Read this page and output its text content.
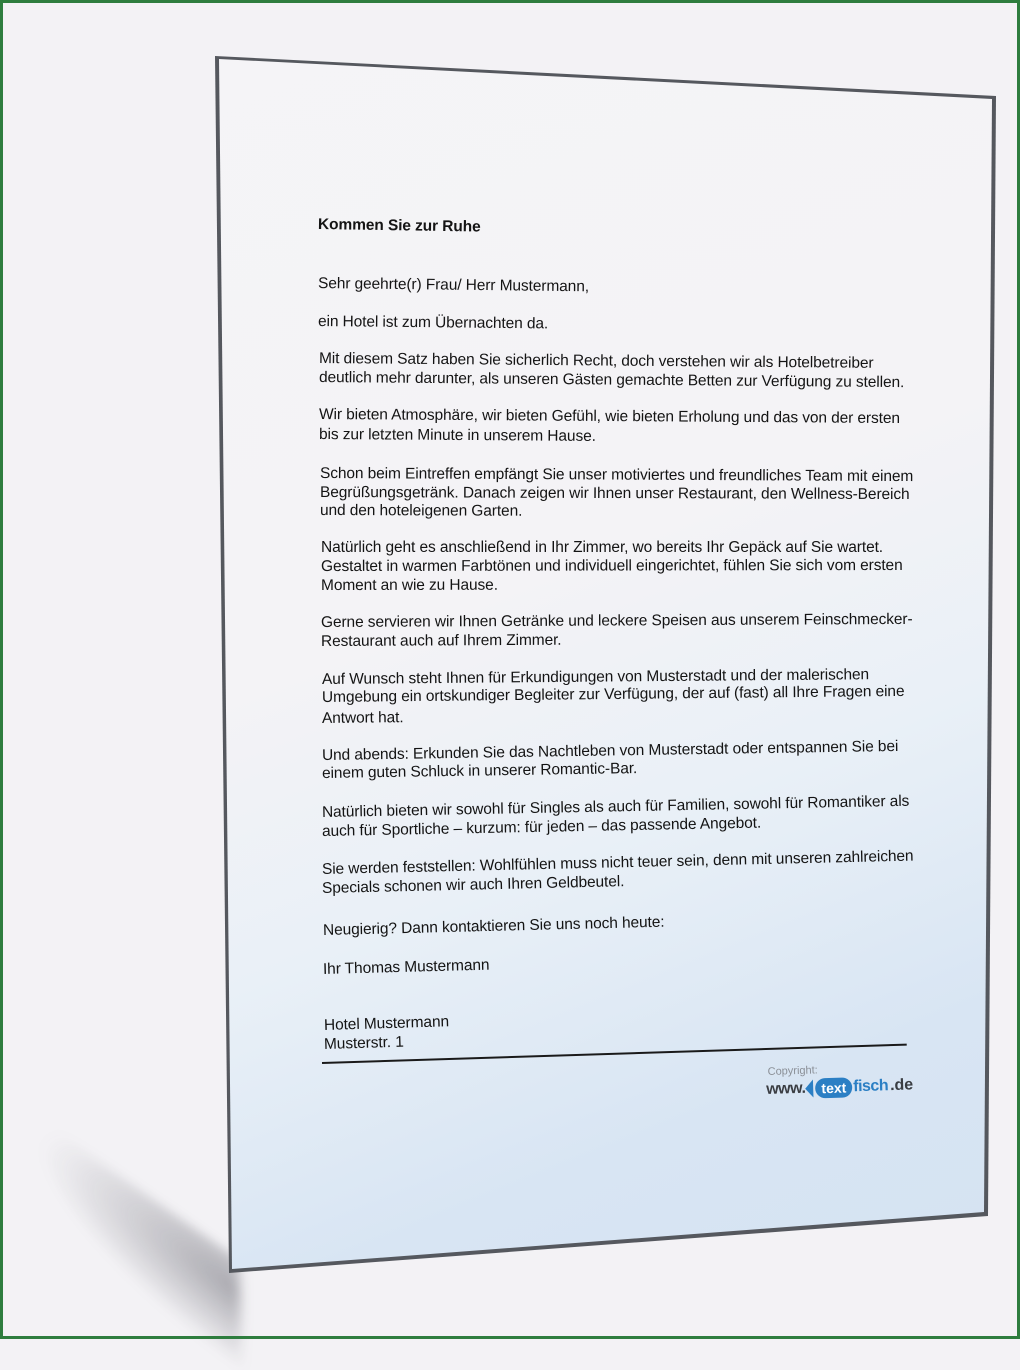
Kommen Sie zur Ruhe
Sehr geehrte(r) Frau/ Herr Mustermann,
ein Hotel ist zum Übernachten da.
Mit diesem Satz haben Sie sicherlich Recht, doch verstehen wir als Hotelbetreiber
deutlich mehr darunter, als unseren Gästen gemachte Betten zur Verfügung zu stellen.
Wir bieten Atmosphäre, wir bieten Gefühl, wie bieten Erholung und das von der ersten
bis zur letzten Minute in unserem Hause.
Schon beim Eintreffen empfängt Sie unser motiviertes und freundliches Team mit einem
Begrüßungsgetränk. Danach zeigen wir Ihnen unser Restaurant, den Wellness-Bereich
und den hoteleigenen Garten.
Natürlich geht es anschließend in Ihr Zimmer, wo bereits Ihr Gepäck auf Sie wartet.
Gestaltet in warmen Farbtönen und individuell eingerichtet, fühlen Sie sich vom ersten
Moment an wie zu Hause.
Gerne servieren wir Ihnen Getränke und leckere Speisen aus unserem Feinschmecker-
Restaurant auch auf Ihrem Zimmer.
Auf Wunsch steht Ihnen für Erkundigungen von Musterstadt und der malerischen
Umgebung ein ortskundiger Begleiter zur Verfügung, der auf (fast) all Ihre Fragen eine
Antwort hat.
Und abends: Erkunden Sie das Nachtleben von Musterstadt oder entspannen Sie bei
einem guten Schluck in unserer Romantic-Bar.
Natürlich bieten wir sowohl für Singles als auch für Familien, sowohl für Romantiker als
auch für Sportliche – kurzum: für jeden – das passende Angebot.
Sie werden feststellen: Wohlfühlen muss nicht teuer sein, denn mit unseren zahlreichen
Specials schonen wir auch Ihren Geldbeutel.
Neugierig? Dann kontaktieren Sie uns noch heute:
Ihr Thomas Mustermann
Hotel Mustermann
Musterstr. 1
Copyright:
www.	text fisch .de
